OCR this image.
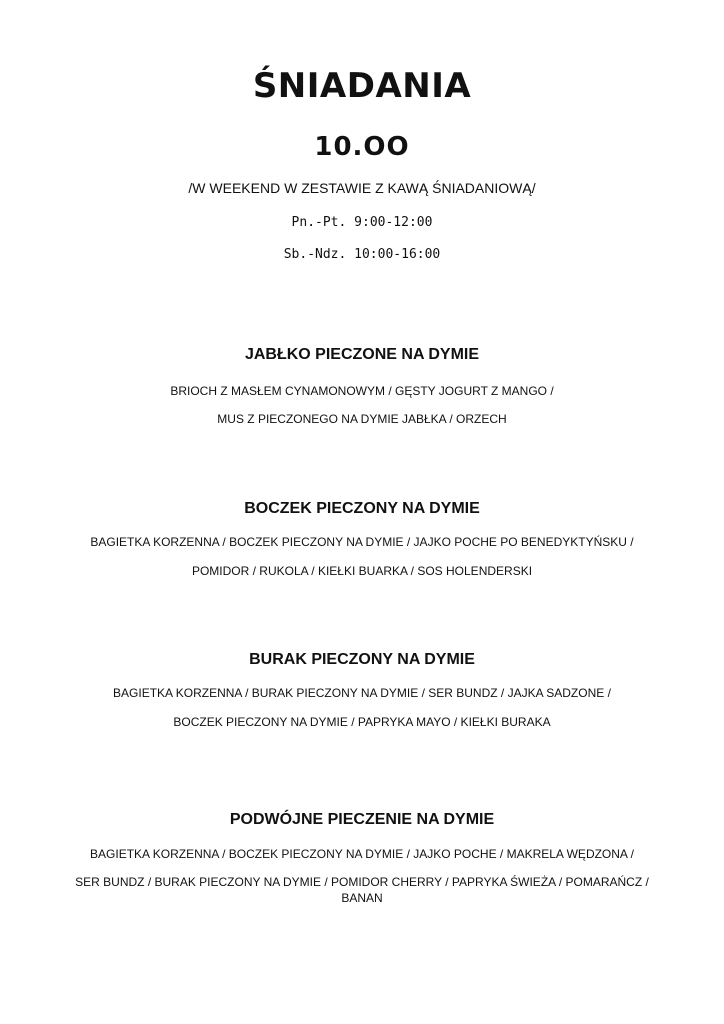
ŚNIADANIA
10.OO
/W WEEKEND W ZESTAWIE Z KAWĄ ŚNIADANIOWĄ/
Pn.-Pt. 9:00-12:00
Sb.-Ndz. 10:00-16:00
JABŁKO PIECZONE NA DYMIE
BRIOCH Z MASŁEM CYNAMONOWYM / GĘSTY JOGURT Z MANGO /
MUS Z PIECZONEGO NA DYMIE JABŁKA / ORZECH
BOCZEK PIECZONY NA DYMIE
BAGIETKA KORZENNA / BOCZEK PIECZONY NA DYMIE / JAJKO POCHE PO BENEDYKTYŃSKU /
POMIDOR / RUKOLA / KIEŁKI BUARKA / SOS HOLENDERSKI
BURAK PIECZONY NA DYMIE
BAGIETKA KORZENNA / BURAK PIECZONY NA DYMIE / SER BUNDZ / JAJKA SADZONE /
BOCZEK PIECZONY NA DYMIE / PAPRYKA MAYO / KIEŁKI BURAKA
PODWÓJNE PIECZENIE NA DYMIE
BAGIETKA KORZENNA / BOCZEK PIECZONY NA DYMIE / JAJKO POCHE / MAKRELA WĘDZONA /
SER BUNDZ / BURAK PIECZONY NA DYMIE / POMIDOR CHERRY / PAPRYKA ŚWIEŻA / POMARAŃCZ / BANAN
